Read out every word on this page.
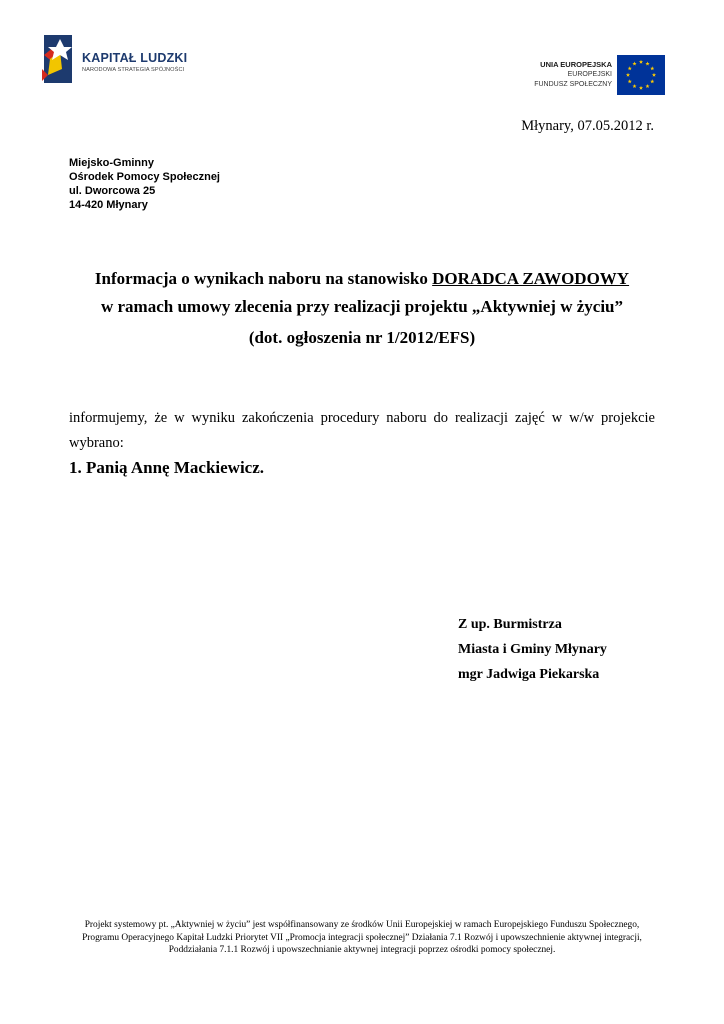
KAPITAŁ LUDZKI
NARODOWA STRATEGIA SPÓJNOŚCI
UNIA EUROPEJSKA
EUROPEJSKI
FUNDUSZ SPOŁECZNY
Młynary, 07.05.2012 r.
Miejsko-Gminny
Ośrodek Pomocy Społecznej
ul. Dworcowa 25
14-420 Młynary
Informacja o wynikach naboru na stanowisko DORADCA ZAWODOWY
w ramach umowy zlecenia przy realizacji projektu „Aktywniej w życiu”
(dot. ogłoszenia nr 1/2012/EFS)
informujemy, że w wyniku zakończenia procedury naboru do realizacji zajęć w w/w projekcie wybrano:
1. Panią Annę Mackiewicz.
Z up. Burmistrza
Miasta i Gminy Młynary
mgr Jadwiga Piekarska
Projekt systemowy pt. „Aktywniej w życiu” jest współfinansowany ze środków Unii Europejskiej w ramach Europejskiego Funduszu Społecznego,
Programu Operacyjnego Kapitał Ludzki Priorytet VII „Promocja integracji społecznej” Działania 7.1 Rozwój i upowszechnienie aktywnej integracji,
Poddziałania 7.1.1 Rozwój i upowszechnianie aktywnej integracji poprzez ośrodki pomocy społecznej.
